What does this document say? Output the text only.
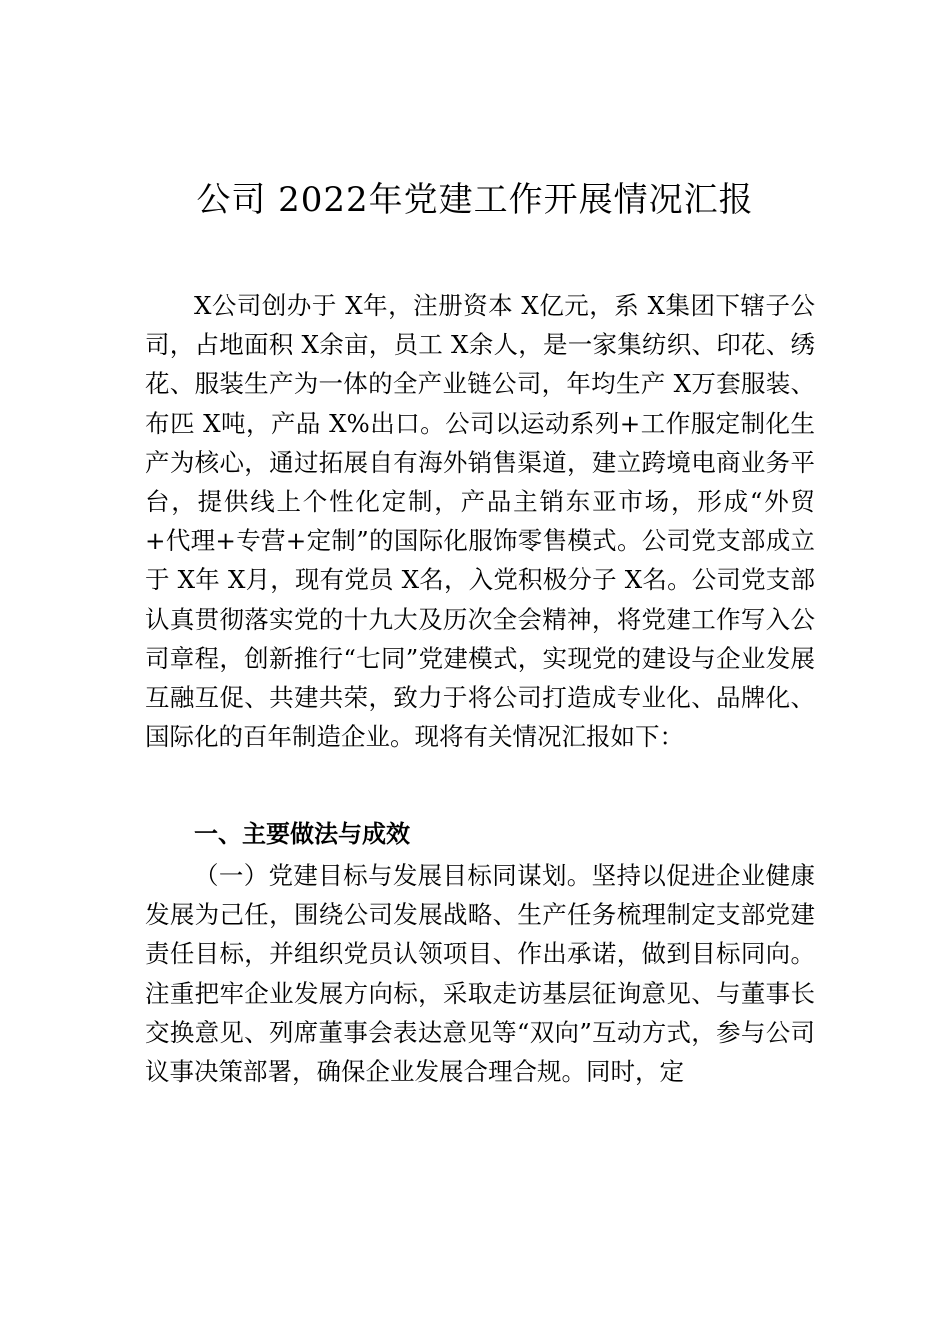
公司 2022年党建工作开展情况汇报

X公司创办于 X年，注册资本 X亿元，系 X集团下辖子公司，占地面积 X余亩，员工 X余人，是一家集纺织、印花、绣花、服装生产为一体的全产业链公司，年均生产 X万套服装、布匹 X吨，产品 X%出口。公司以运动系列+工作服定制化生产为核心，通过拓展自有海外销售渠道，建立跨境电商业务平台，提供线上个性化定制，产品主销东亚市场，形成“外贸+代理+专营+定制”的国际化服饰零售模式。公司党支部成立于 X年 X月，现有党员 X名，入党积极分子 X名。公司党支部认真贯彻落实党的十九大及历次全会精神，将党建工作写入公司章程，创新推行“七同”党建模式，实现党的建设与企业发展互融互促、共建共荣，致力于将公司打造成专业化、品牌化、国际化的百年制造企业。现将有关情况汇报如下：

一、主要做法与成效

（一）党建目标与发展目标同谋划。坚持以促进企业健康发展为己任，围绕公司发展战略、生产任务梳理制定支部党建责任目标，并组织党员认领项目、作出承诺，做到目标同向。注重把牢企业发展方向标，采取走访基层征询意见、与董事长交换意见、列席董事会表达意见等“双向”互动方式，参与公司议事决策部署，确保企业发展合理合规。同时，定
